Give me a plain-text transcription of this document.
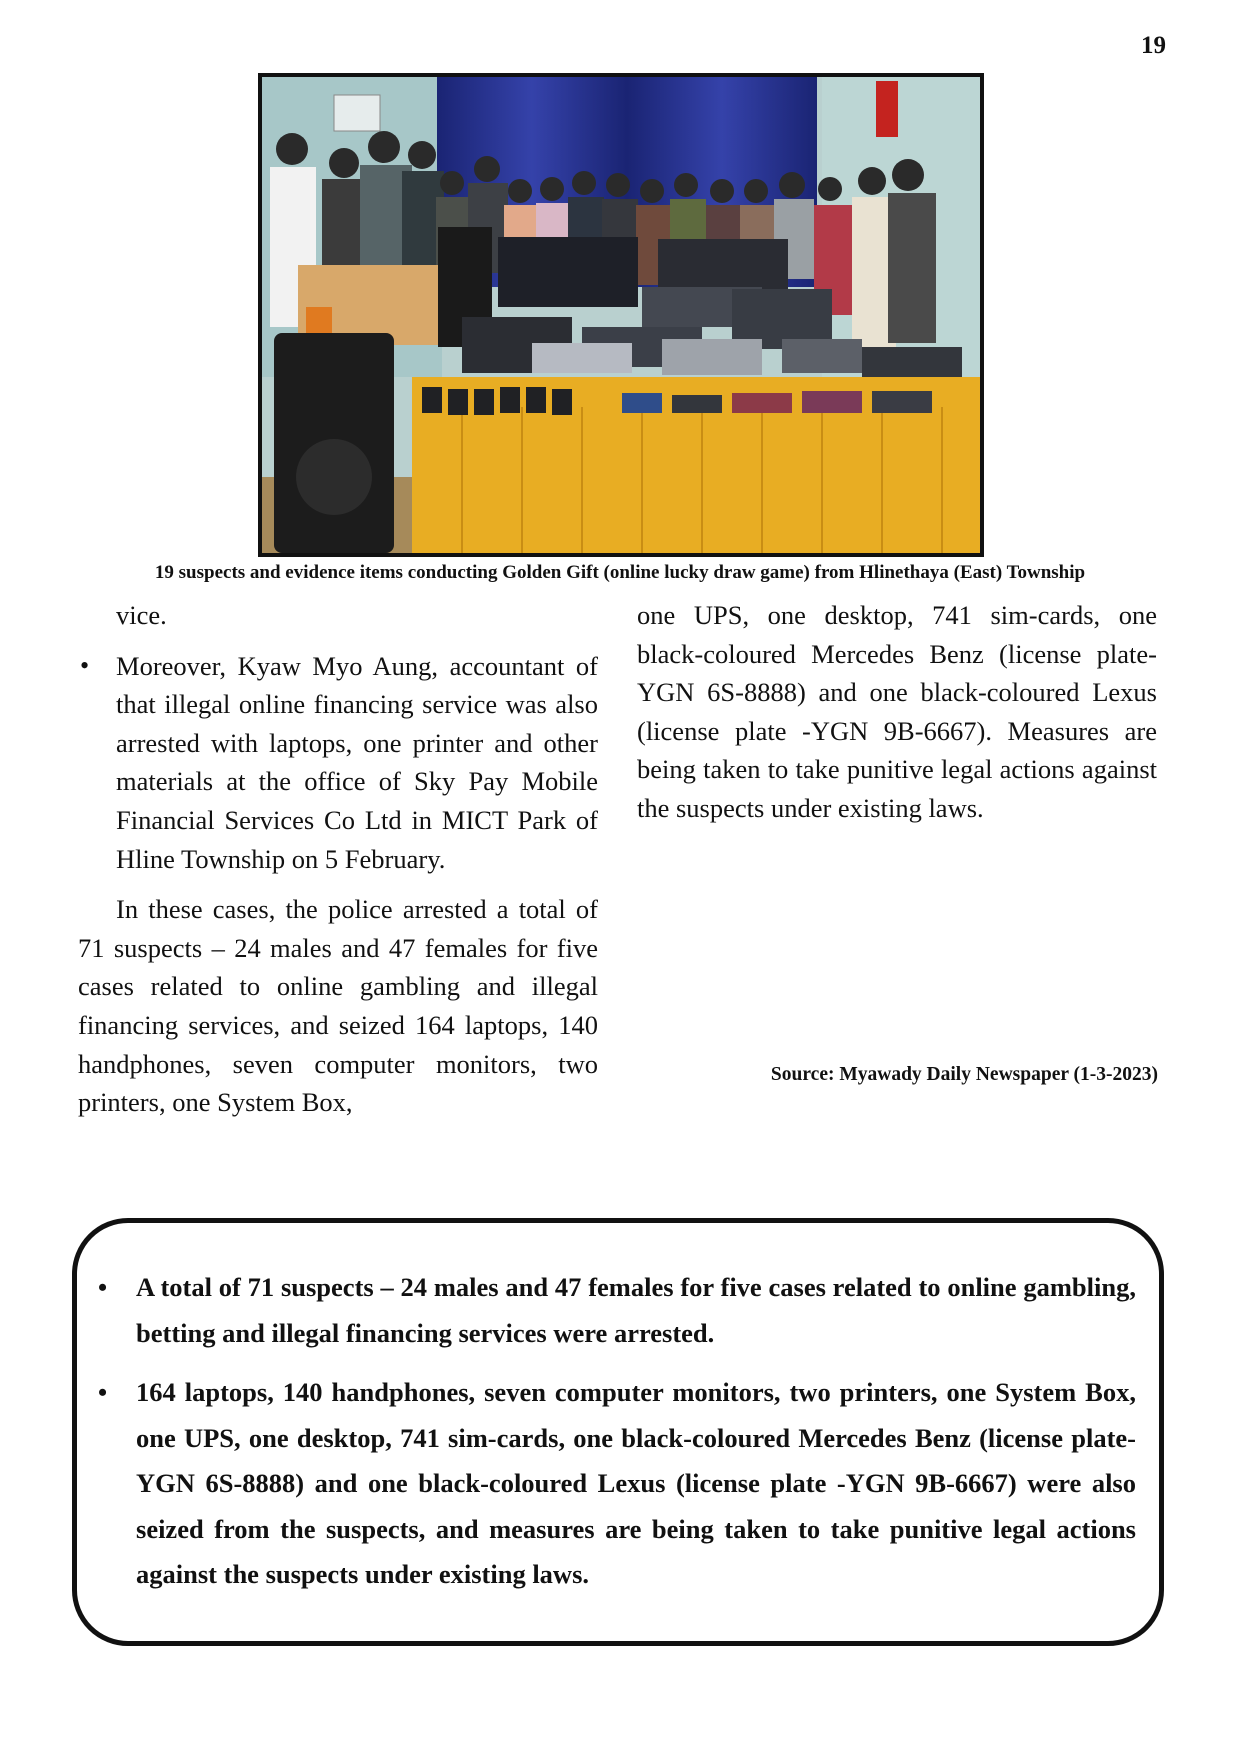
19
19 suspects and evidence items conducting Golden Gift (online lucky draw game) from Hlinethaya (East) Township

vice.

• Moreover, Kyaw Myo Aung, accountant of that illegal online financing service was also arrested with laptops, one printer and other materials at the office of Sky Pay Mobile Financial Services Co Ltd in MICT Park of Hline Township on 5 February.

In these cases, the police arrested a total of 71 suspects – 24 males and 47 females for five cases related to online gambling and illegal financing services, and seized 164 laptops, 140 handphones, seven computer monitors, two printers, one System Box,

one UPS, one desktop, 741 sim-cards, one black-coloured Mercedes Benz (license plate-YGN 6S-8888) and one black-coloured Lexus (license plate -YGN 9B-6667). Measures are being taken to take punitive legal actions against the suspects under existing laws.

Source: Myawady Daily Newspaper (1-3-2023)

• A total of 71 suspects – 24 males and 47 females for five cases related to online gambling, betting and illegal financing services were arrested.

• 164 laptops, 140 handphones, seven computer monitors, two printers, one System Box, one UPS, one desktop, 741 sim-cards, one black-coloured Mercedes Benz (license plate-YGN 6S-8888) and one black-coloured Lexus (license plate -YGN 9B-6667) were also seized from the suspects, and measures are being taken to take punitive legal actions against the suspects under existing laws.
